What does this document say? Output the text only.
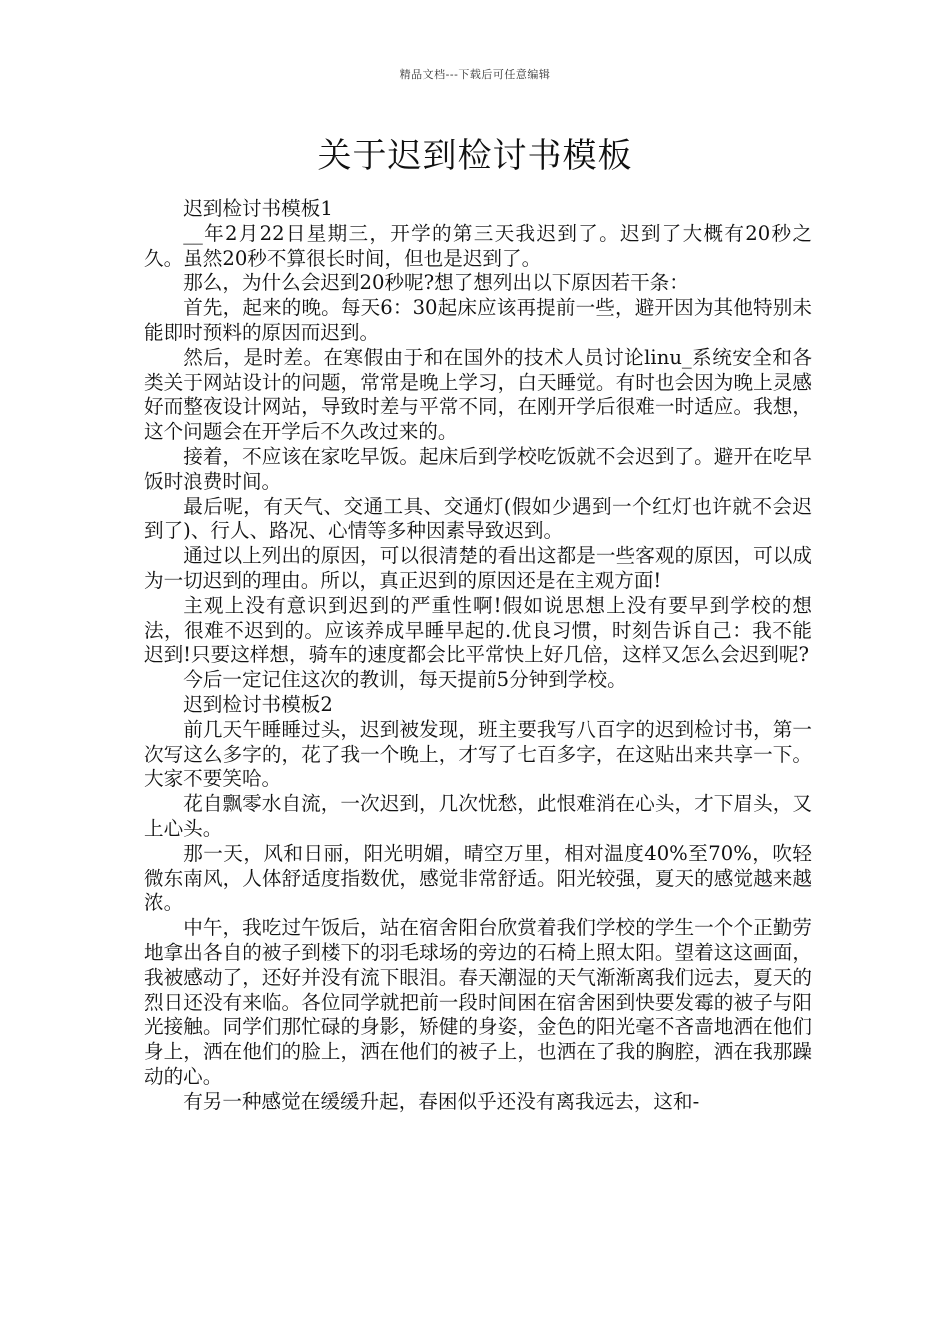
精品文档---下载后可任意编辑
关于迟到检讨书模板

迟到检讨书模板1

__年2月22日星期三，开学的第三天我迟到了。迟到了大概有20秒之久。虽然20秒不算很长时间，但也是迟到了。

那么，为什么会迟到20秒呢?想了想列出以下原因若干条：

首先，起来的晚。每天6：30起床应该再提前一些，避开因为其他特别未能即时预料的原因而迟到。

然后，是时差。在寒假由于和在国外的技术人员讨论linu_系统安全和各类关于网站设计的问题，常常是晚上学习，白天睡觉。有时也会因为晚上灵感好而整夜设计网站，导致时差与平常不同，在刚开学后很难一时适应。我想，这个问题会在开学后不久改过来的。

接着，不应该在家吃早饭。起床后到学校吃饭就不会迟到了。避开在吃早饭时浪费时间。

最后呢，有天气、交通工具、交通灯(假如少遇到一个红灯也许就不会迟到了)、行人、路况、心情等多种因素导致迟到。

通过以上列出的原因，可以很清楚的看出这都是一些客观的原因，可以成为一切迟到的理由。所以，真正迟到的原因还是在主观方面!

主观上没有意识到迟到的严重性啊!假如说思想上没有要早到学校的想法，很难不迟到的。应该养成早睡早起的.优良习惯，时刻告诉自己：我不能迟到!只要这样想，骑车的速度都会比平常快上好几倍，这样又怎么会迟到呢?

今后一定记住这次的教训，每天提前5分钟到学校。

迟到检讨书模板2

前几天午睡睡过头，迟到被发现，班主要我写八百字的迟到检讨书，第一次写这么多字的，花了我一个晚上，才写了七百多字，在这贴出来共享一下。大家不要笑哈。

花自飘零水自流，一次迟到，几次忧愁，此恨难消在心头，才下眉头，又上心头。

那一天，风和日丽，阳光明媚，晴空万里，相对温度40%至70%，吹轻微东南风，人体舒适度指数优，感觉非常舒适。阳光较强，夏天的感觉越来越浓。

中午，我吃过午饭后，站在宿舍阳台欣赏着我们学校的学生一个个正勤劳地拿出各自的被子到楼下的羽毛球场的旁边的石椅上照太阳。望着这这画面，我被感动了，还好并没有流下眼泪。春天潮湿的天气渐渐离我们远去，夏天的烈日还没有来临。各位同学就把前一段时间困在宿舍困到快要发霉的被子与阳光接触。同学们那忙碌的身影，矫健的身姿，金色的阳光毫不吝啬地洒在他们身上，洒在他们的脸上，洒在他们的被子上，也洒在了我的胸腔，洒在我那躁动的心。

有另一种感觉在缓缓升起，春困似乎还没有离我远去，这和-
